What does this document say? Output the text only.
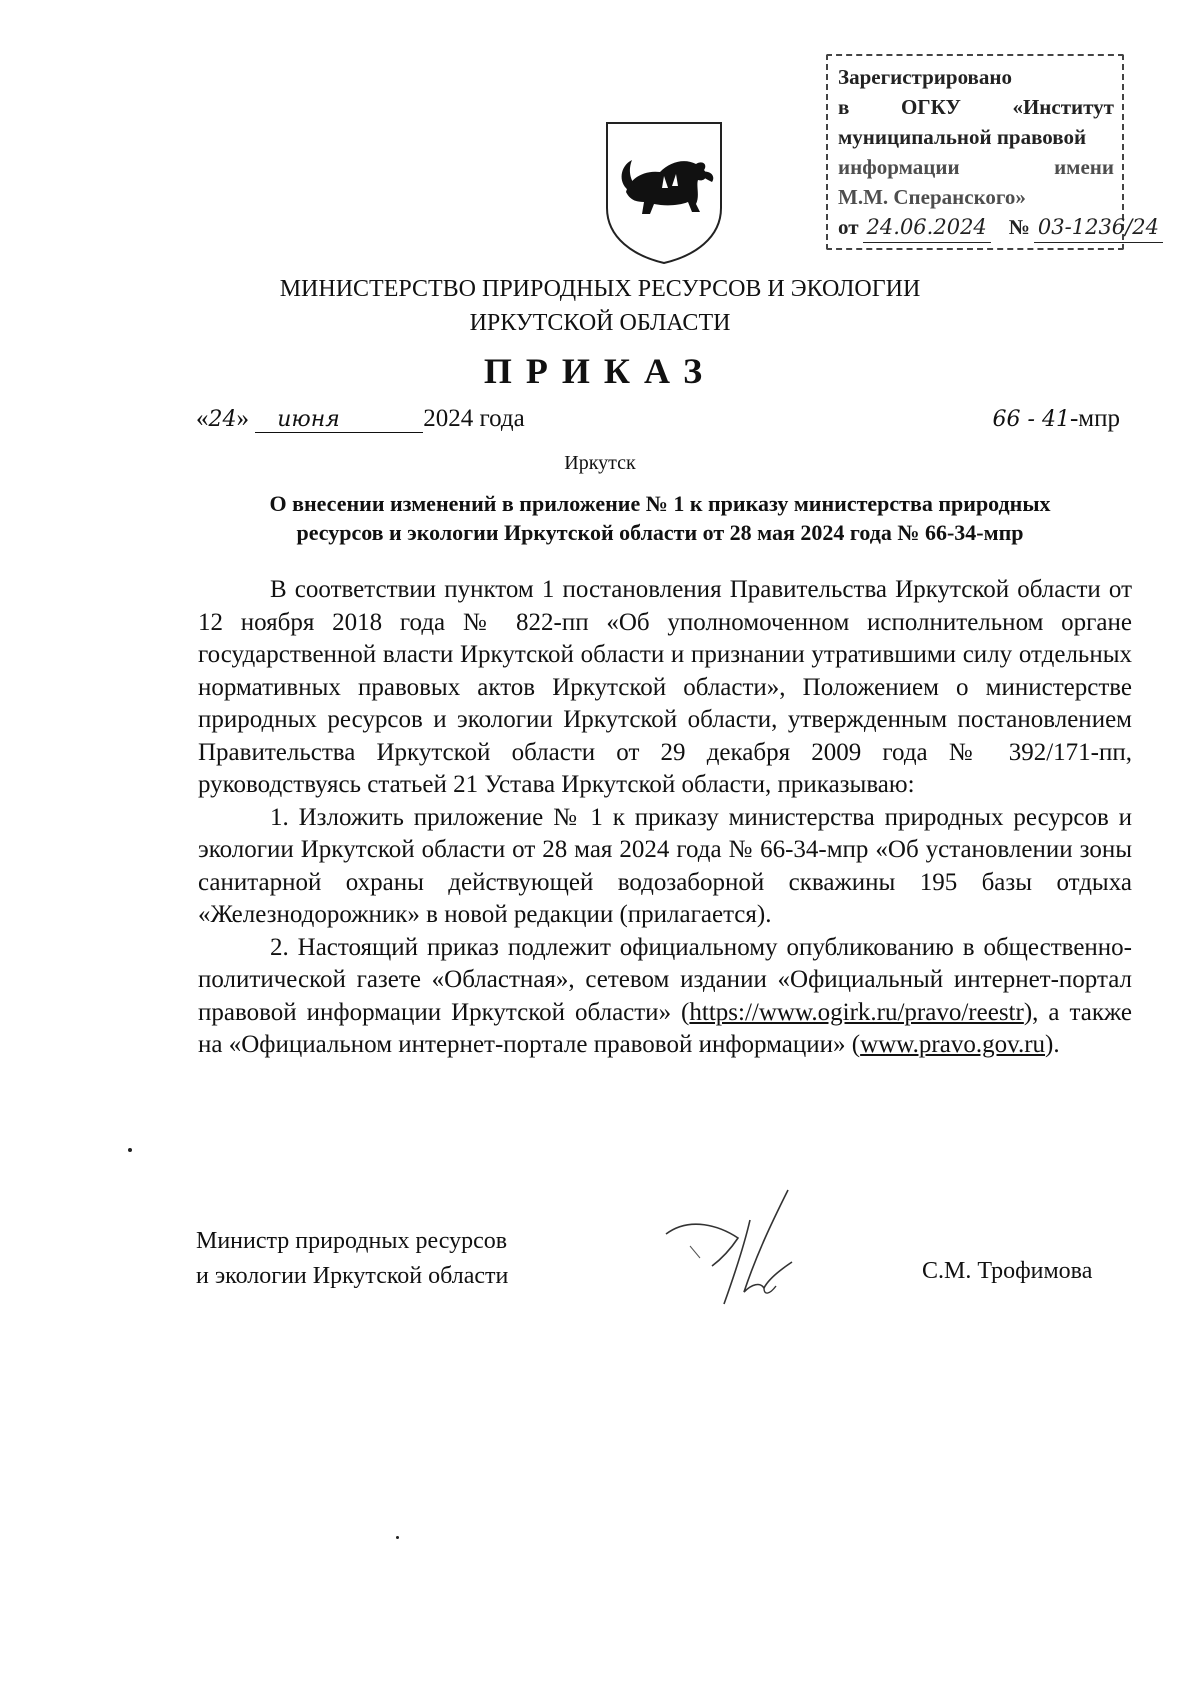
Зарегистрировано
в ОГКУ «Институт
муниципальной правовой
информации	имени
М.М. Сперанского»
от 24.06.2024 № 03-1236/24
МИНИСТЕРСТВО ПРИРОДНЫХ РЕСУРСОВ И ЭКОЛОГИИ
ИРКУТСКОЙ ОБЛАСТИ
ПРИКАЗ
«24» июня	2024 года	66 - 41-мпр
Иркутск
О внесении изменений в приложение № 1 к приказу министерства природных
ресурсов и экологии Иркутской области от 28 мая 2024 года № 66-34-мпр

В соответствии пунктом 1 постановления Правительства Иркутской области от 12 ноября 2018 года № 822-пп «Об уполномоченном исполнительном органе государственной власти Иркутской области и признании утратившими силу отдельных нормативных правовых актов Иркутской области», Положением о министерстве природных ресурсов и экологии Иркутской области, утвержденным постановлением Правительства Иркутской области от 29 декабря 2009 года № 392/171-пп, руководствуясь статьей 21 Устава Иркутской области, приказываю:

1. Изложить приложение № 1 к приказу министерства природных ресурсов и экологии Иркутской области от 28 мая 2024 года № 66-34-мпр «Об установлении зоны санитарной охраны действующей водозаборной скважины 195 базы отдыха «Железнодорожник» в новой редакции (прилагается).

2. Настоящий приказ подлежит официальному опубликованию в общественно-политической газете «Областная», сетевом издании «Официальный интернет-портал правовой информации Иркутской области» (https://www.ogirk.ru/pravo/reestr), а также на «Официальном интернет-портале правовой информации» (www.pravo.gov.ru).

Министр природных ресурсов
и экологии Иркутской области	С.М. Трофимова
